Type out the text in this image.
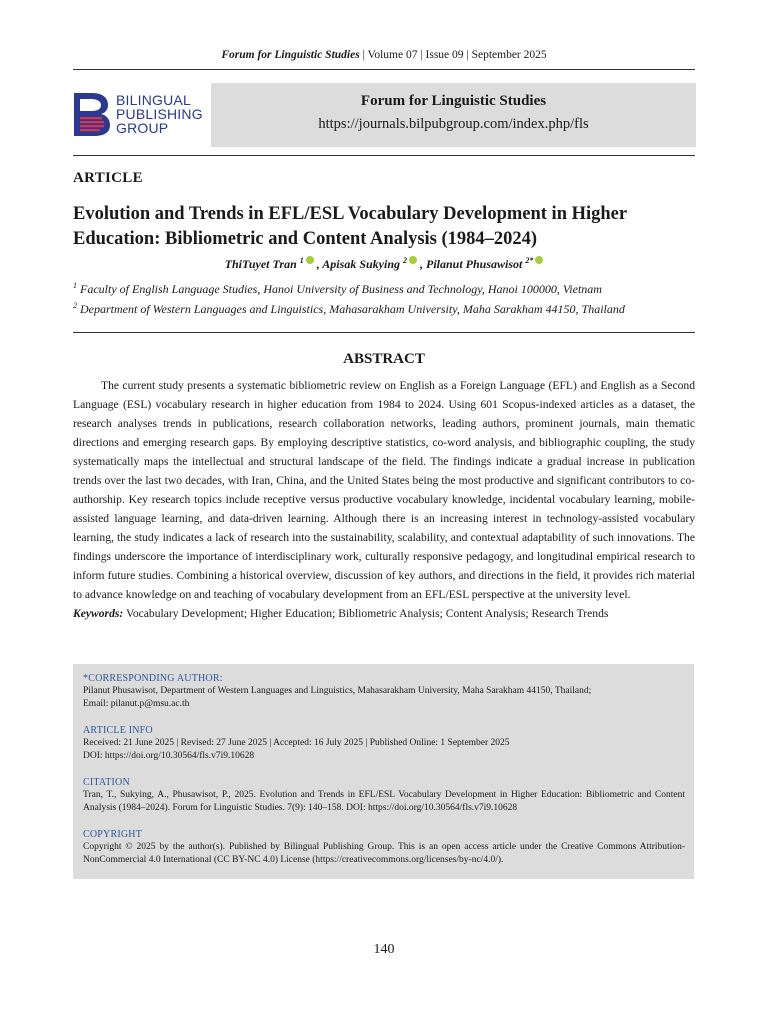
Forum for Linguistic Studies | Volume 07 | Issue 09 | September 2025
BILINGUAL
PUBLISHING
GROUP
Forum for Linguistic Studies
https://journals.bilpubgroup.com/index.php/fls
ARTICLE
Evolution and Trends in EFL/ESL Vocabulary Development in Higher Education: Bibliometric and Content Analysis (1984–2024)
ThiTuyet Tran $^1$ , Apisak Sukying $^2$ , Pilanut Phusawisot $^{2*}$
$^1$ Faculty of English Language Studies, Hanoi University of Business and Technology, Hanoi 100000, Vietnam
$^2$ Department of Western Languages and Linguistics, Mahasarakham University, Maha Sarakham 44150, Thailand
ABSTRACT

The current study presents a systematic bibliometric review on English as a Foreign Language (EFL) and English as a Second Language (ESL) vocabulary research in higher education from 1984 to 2024. Using 601 Scopus-indexed articles as a dataset, the research analyses trends in publications, research collaboration networks, leading authors, prominent journals, main thematic directions and emerging research gaps. By employing descriptive statistics, co-word analysis, and bibliographic coupling, the study systematically maps the intellectual and structural landscape of the field. The findings indicate a gradual increase in publication trends over the last two decades, with Iran, China, and the United States being the most productive and significant contributors to co-authorship. Key research topics include receptive versus productive vocabulary knowledge, incidental vocabulary learning, mobile-assisted language learning, and data-driven learning. Although there is an increasing interest in technology-assisted vocabulary learning, the study indicates a lack of research into the sustainability, scalability, and contextual adaptability of such innovations. The findings underscore the importance of interdisciplinary work, culturally responsive pedagogy, and longitudinal empirical research to inform future studies. Combining a historical overview, discussion of key authors, and directions in the field, it provides rich material to advance knowledge on and teaching of vocabulary development from an EFL/ESL perspective at the university level.

Keywords: Vocabulary Development; Higher Education; Bibliometric Analysis; Content Analysis; Research Trends
*CORRESPONDING AUTHOR:
Pilanut Phusawisot, Department of Western Languages and Linguistics, Mahasarakham University, Maha Sarakham 44150, Thailand;
Email: pilanut.p@msu.ac.th
ARTICLE INFO
Received: 21 June 2025 | Revised: 27 June 2025 | Accepted: 16 July 2025 | Published Online: 1 September 2025
DOI: https://doi.org/10.30564/fls.v7i9.10628
CITATION
Tran, T., Sukying, A., Phusawisot, P., 2025. Evolution and Trends in EFL/ESL Vocabulary Development in Higher Education: Bibliometric and Content Analysis (1984–2024). Forum for Linguistic Studies. 7(9): 140–158. DOI: https://doi.org/10.30564/fls.v7i9.10628
COPYRIGHT
Copyright © 2025 by the author(s). Published by Bilingual Publishing Group. This is an open access article under the Creative Commons Attribution-NonCommercial 4.0 International (CC BY-NC 4.0) License (https://creativecommons.org/licenses/by-nc/4.0/).
140
